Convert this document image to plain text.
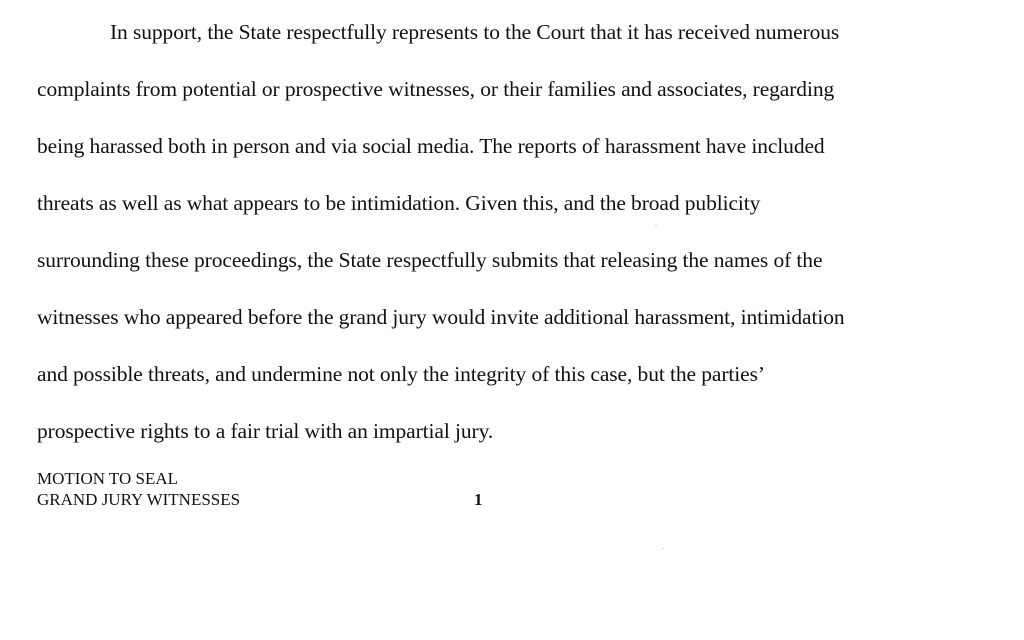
In support, the State respectfully represents to the Court that it has received numerous
complaints from potential or prospective witnesses, or their families and associates, regarding
being harassed both in person and via social media. The reports of harassment have included
threats as well as what appears to be intimidation. Given this, and the broad publicity
surrounding these proceedings, the State respectfully submits that releasing the names of the
witnesses who appeared before the grand jury would invite additional harassment, intimidation
and possible threats, and undermine not only the integrity of this case, but the parties’
prospective rights to a fair trial with an impartial jury.
MOTION TO SEAL
GRAND JURY WITNESSES	1
